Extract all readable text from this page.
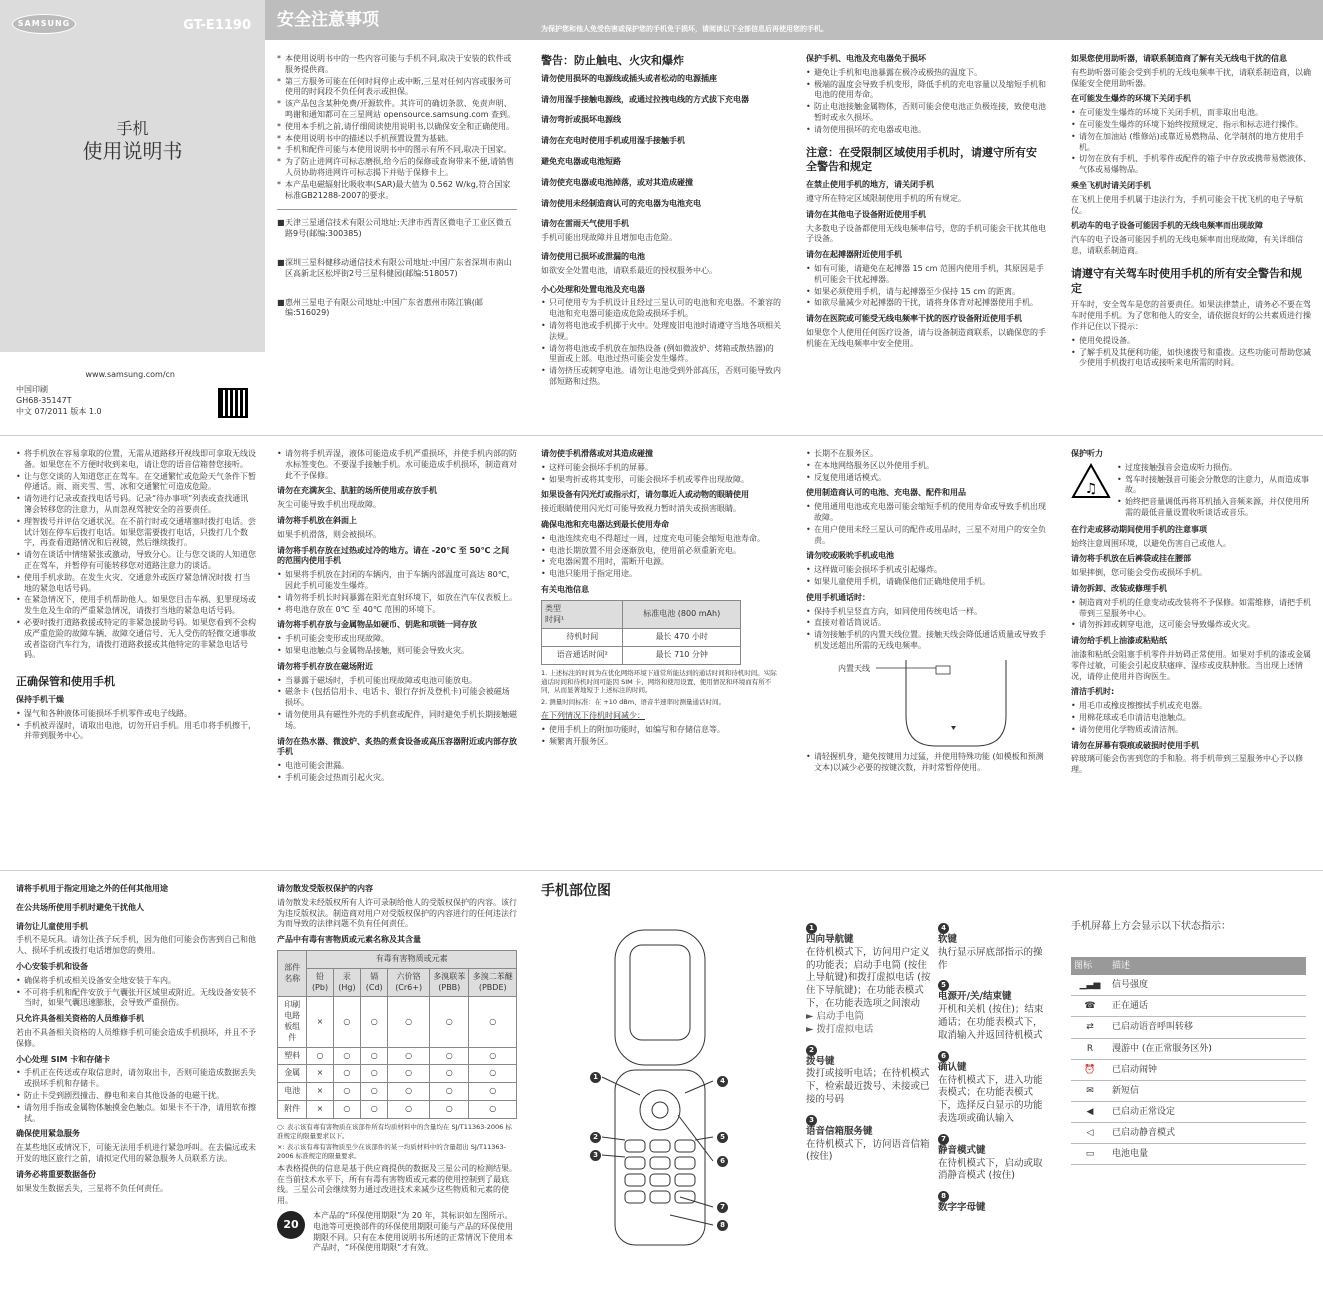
SAMSUNG	GT-E1190
手机
使用说明书
www.samsung.com/cn
中国印刷
GH68-35147T
中文 07/2011 版本 1.0
安全注意事项	为保护您和他人免受伤害或保护您的手机免于损坏，请阅读以下全部信息后再使用您的手机。
* 本使用说明书中的一些内容可能与手机不同,取决于安装的软件或服务提供商。
* 第三方服务可能在任何时间停止或中断,三星对任何内容或服务可使用的时间段不负任何表示或担保。
* 该产品包含某种免费/开源软件。其许可的确切条款、免责声明、鸣谢和通知都可在三星网站 opensource.samsung.com 查到。
* 使用本手机之前,请仔细阅读使用说明书,以确保安全和正确使用。
* 本使用说明书中的描述以手机预置设置为基础。
* 手机和配件可能与本使用说明书中的图示有所不同,取决于国家。
* 为了防止进网许可标志磨损,给今后的保修或查询带来不便,请销售人员协助将进网许可标志揭下并贴于保修卡上。
* 本产品电磁辐射比吸收率(SAR)最大值为 0.562 W/kg,符合国家标准GB21288-2007的要求。
■ 天津三星通信技术有限公司地址:天津市西青区微电子工业区微五路9号(邮编:300385)
■ 深圳三星科健移动通信技术有限公司地址:中国广东省深圳市南山区高新北区松坪街2号三星科健园(邮编:518057)
■ 惠州三星电子有限公司地址:中国广东省惠州市陈江镇(邮编:516029)
警告：防止触电、火灾和爆炸

请勿使用损坏的电源线或插头或者松动的电源插座

请勿用湿手接触电源线，或通过拉拽电线的方式拔下充电器

请勿弯折或损坏电源线

请勿在充电时使用手机或用湿手接触手机

避免充电器或电池短路

请勿使充电器或电池掉落，或对其造成碰撞

请勿使用未经制造商认可的充电器为电池充电

请勿在雷雨天气使用手机

手机可能出现故障并且增加电击危险。

请勿使用已损坏或泄漏的电池

如欲安全处置电池，请联系最近的授权服务中心。

小心处理和处置电池及充电器

• 只可使用专为手机设计且经过三星认可的电池和充电器。不兼容的电池和充电器可能造成危险或损坏手机。
• 请勿将电池或手机掷于火中。处理废旧电池时请遵守当地各项相关法规。
• 请勿将电池或手机放在加热设备 (例如微波炉、烤箱或散热器)的里面或上部。电池过热可能会发生爆炸。
• 请勿挤压或刺穿电池。请勿让电池受到外部高压，否则可能导致内部短路和过热。

保护手机、电池及充电器免于损坏

• 避免让手机和电池暴露在极冷或极热的温度下。
• 极端的温度会导致手机变形，降低手机的充电容量以及缩短手机和电池的使用寿命。
• 防止电池接触金属物体，否则可能会使电池正负极连接，致使电池暂时或永久损坏。
• 请勿使用损坏的充电器或电池。
注意：在受限制区域使用手机时，请遵守所有安全警告和规定

在禁止使用手机的地方，请关闭手机

遵守所在特定区域限制使用手机的所有规定。

请勿在其他电子设备附近使用手机

大多数电子设备都使用无线电频率信号，您的手机可能会干扰其他电子设备。

请勿在起搏器附近使用手机

• 如有可能，请避免在起搏器 15 cm 范围内使用手机，其原因是手机可能会干扰起搏器。
• 如果必须使用手机，请与起搏器至少保持 15 cm 的距离。
• 如欲尽量减少对起搏器的干扰，请将身体背对起搏器使用手机。

请勿在医院或可能受无线电频率干扰的医疗设备附近使用手机

如果您个人使用任何医疗设备，请与设备制造商联系，以确保您的手机能在无线电频率中安全使用。

如果您使用助听器，请联系制造商了解有关无线电干扰的信息

有些助听器可能会受到手机的无线电频率干扰，请联系制造商，以确保能安全使用助听器。

在可能发生爆炸的环境下关闭手机

• 在可能发生爆炸的环境下关闭手机，而非取出电池。
• 在可能发生爆炸的环境下始终按照规定、指示和标志进行操作。
• 请勿在加油站 (维修站)或靠近易燃物品、化学制剂的地方使用手机。
• 切勿在放有手机、手机零件或配件的箱子中存放或携带易燃液体、气体或易爆物品。

乘坐飞机时请关闭手机

在飞机上使用手机属于违法行为，手机可能会干扰飞机的电子导航仪。

机动车的电子设备可能因手机的无线电频率而出现故障

汽车的电子设备可能因手机的无线电频率而出现故障，有关详细信息，请联系制造商。

请遵守有关驾车时使用手机的所有安全警告和规定

开车时，安全驾车是您的首要责任。如果法律禁止，请务必不要在驾车时使用手机。为了您和他人的安全，请依据良好的公共素质进行操作并记住以下提示：

• 使用免提设备。
• 了解手机及其便利功能，如快速拨号和重拨。这些功能可帮助您减少使用手机拨打电话或接听来电所需的时间。
• 将手机放在容易拿取的位置，无需从道路移开视线即可拿取无线设备。如果您在不方便时收到来电，请让您的语音信箱替您接听。
• 让与您交谈的人知道您正在驾车。在交通繁忙或危险天气条件下暂停通话。雨、雨夹雪、雪、冰和交通繁忙可造成危险。
• 请勿进行记录或查找电话号码。记录“待办事项”列表或查找通讯簿会转移您的注意力，从而忽视驾驶安全的首要责任。
• 理智拨号并评估交通状况。在不前行时或交通堵塞时拨打电话。尝试计划在停车后拨打电话。如果您需要拨打电话，只拨打几个数字，再查看道路情况和后视镜，然后继续拨打。
• 请勿在谈话中情绪紧张或激动，导致分心。让与您交谈的人知道您正在驾车，并暂停有可能转移您对道路注意力的谈话。
• 使用手机求助。在发生火灾、交通意外或医疗紧急情况时拨 打当地的紧急电话号码。
• 在紧急情况下，使用手机帮助他人。如果您目击车祸、犯罪现场或发生危及生命的严重紧急情况，请拨打当地的紧急电话号码。
• 必要时拨打道路救援或特定的非紧急援助号码。如果您看到不会构成严重危险的故障车辆、故障交通信号、无人受伤的轻微交通事故或者盗窃汽车行为，请拨打道路救援或其他特定的非紧急电话号码。
正确保管和使用手机

保持手机干燥

• 湿气和各种液体可能损坏手机零件或电子线路。
• 手机被弄湿时，请取出电池，切勿开启手机。用毛巾将手机擦干，并带到服务中心。
• 请勿将手机弄湿，液体可能造成手机严重损坏，并使手机内部的防水标签变色。不要湿手接触手机。水可能造成手机损坏，制造商对此不予保修。

请勿在充满灰尘、肮脏的场所使用或存放手机

灰尘可能导致手机出现故障。

请勿将手机放在斜面上

如果手机滑落，则会被损坏。

请勿将手机存放在过热或过冷的地方。请在 -20℃ 至 50℃ 之间的范围内使用手机

• 如果将手机放在封闭的车辆内，由于车辆内部温度可高达 80℃，因此手机可能发生爆炸。
• 请勿将手机长时间暴露在阳光直射环境下，如放在汽车仪表板上。
• 将电池存放在 0℃ 至 40℃ 范围的环境下。

请勿将手机存放与金属物品如硬币、钥匙和项链一同存放

• 手机可能会变形或出现故障。
• 如果电池触点与金属物品接触，则可能会导致火灾。

请勿将手机存放在磁场附近

• 当暴露于磁场时，手机可能出现故障或电池可能放电。
• 磁条卡 (包括信用卡、电话卡、银行存折及登机卡)可能会被磁场损坏。
• 请勿使用具有磁性外壳的手机套或配件，同时避免手机长期接触磁场。

请勿在热水器、微波炉、炙热的煮食设备或高压容器附近或内部存放手机

• 电池可能会泄漏。
• 手机可能会过热而引起火灾。

请勿使手机滑落或对其造成碰撞

• 这样可能会损坏手机的屏幕。
• 如果弯折或将其变形，可能会损坏手机或零件出现故障。

如果设备有闪光灯或指示灯，请勿靠近人或动物的眼睛使用

接近眼睛使用闪光灯可能导致视力暂时消失或损害眼睛。

确保电池和充电器达到最长使用寿命

• 电池连续充电不得超过一周，过度充电可能会缩短电池寿命。
• 电池长期放置不用会逐渐放电，使用前必须重新充电。
• 充电器闲置不用时，需断开电源。
• 电池只能用于指定用途。

有关电池信息

类型
时间¹	标准电池 (800 mAh)
待机时间	最长 470 小时
语音通话时间²	最长 710 分钟

1. 上述标注的时间为在优化网络环境下通常所能达到的通话时间和待机时间。实际通话时间和待机时间可能因 SIM 卡、网络和使用设置、使用情况和环境而有所不同，从而显著地短于上述标注的时间。

2. 测量时间标准：在 +10 dBm、语音半速率时测量通话时间。

在下列情况下待机时间减少：

• 使用手机上的附加功能时，如编写和存储信息等。
• 频繁离开服务区。
• 长期不在服务区。
• 在本地网络服务区以外使用手机。
• 反复使用通话模式。

使用制造商认可的电池、充电器、配件和用品

• 使用通用电池或充电器可能会缩短手机的使用寿命或导致手机出现故障。
• 在用户使用未经三星认可的配件或用品时，三星不对用户的安全负责。

请勿咬或吸吮手机或电池

• 这样做可能会损坏手机或引起爆炸。
• 如果儿童使用手机，请确保他们正确地使用手机。

使用手机通话时：

• 保持手机呈竖直方向，如同使用传统电话一样。
• 直接对着话筒说话。
• 请勿接触手机的内置天线位置。接触天线会降低通话质量或导致手机发送超出所需的无线电频率。
内置天线
• 请轻握机身，避免按键用力过猛，并使用特殊功能 (如模板和预测文本)以减少必要的按键次数，并时常暂停使用。

保护听力

♫
• 过度接触强音会造成听力损伤。
• 驾车时接触强音可能会分散您的注意力，从而造成事故。
• 始终把音量调低再将耳机插入音频来源，并仅使用所需的最低音量设置收听谈话或音乐。

在行走或移动期间使用手机的注意事项

始终注意周围环境，以避免伤害自己或他人。

请勿将手机放在后裤袋或挂在腰部

如果摔倒，您可能会受伤或损坏手机。

请勿拆卸、改装或修理手机

• 制造商对手机的任意变动或改装将不予保修。如需维修，请把手机带到三星服务中心。
• 请勿拆卸或刺穿电池，这可能会导致爆炸或火灾。

请勿给手机上油漆或粘贴纸

油漆和粘纸会阻塞手机零件并妨碍正常使用。如果对手机的漆或金属零件过敏，可能会引起皮肤瘙痒、湿疹或皮肤肿胀。当出现上述情况，请停止使用并咨询医生。

清洁手机时:

• 用毛巾或橡皮擦擦拭手机或充电器。
• 用棉花球或毛巾清洁电池触点。
• 请勿使用化学物质或清洁剂。

请勿在屏幕有裂痕或破损时使用手机

碎玻璃可能会伤害到您的手和脸。将手机带到三星服务中心予以修理。

请将手机用于指定用途之外的任何其他用途

在公共场所使用手机时避免干扰他人

请勿让儿童使用手机

手机不是玩具。请勿让孩子玩手机，因为他们可能会伤害到自己和他人、损坏手机或拨打电话增加您的费用。

小心安装手机和设备

• 确保将手机或相关设备安全地安装于车内。
• 不可将手机和配件安放于气囊张开区域里或附近。无线设备安装不当时，如果气囊迅速膨胀，会导致严重损伤。

只允许具备相关资格的人员维修手机

若由不具备相关资格的人员维修手机可能会造成手机损坏，并且不予保修。

小心处理 SIM 卡和存储卡

• 手机正在传送或存取信息时，请勿取出卡，否则可能造成数据丢失或损坏手机和存储卡。
• 防止卡受到剧烈撞击、静电和来自其他设备的电磁干扰。
• 请勿用手指或金属物体触摸金色触点。如果卡不干净，请用软布擦拭。

确保使用紧急服务

在某些地区或情况下，可能无法用手机进行紧急呼叫。在去偏远或未开发的地区旅行之前，请拟定代用的紧急服务人员联系方法。

请务必将重要数据备份

如果发生数据丢失，三星将不负任何责任。

请勿散发受版权保护的内容

请勿散发未经版权所有人许可录制给他人的受版权保护的内容。该行为违反版权法。制造商对用户对受版权保护的内容进行的任何违法行为而导致的法律问题不负有任何责任。

产品中有毒有害物质或元素名称及其含量

部件名称	有毒有害物质或元素					
	铅 (Pb)	汞 (Hg)	镉 (Cd)	六价铬 (Cr6+)	多溴联苯 (PBB)	多溴二苯醚 (PBDE)
印刷电路板组件	×	○	○	○	○	○
塑料	○	○	○	○	○	○
金属	×	○	○	○	○	○
电池	×	○	○	○	○	○
附件	×	○	○	○	○	○

○: 表示该有毒有害物质在该部件所有均质材料中的含量均在 SJ/T11363-2006 标准规定的限量要求以下。

×: 表示该有毒有害物质至少在该部件的某一均质材料中的含量超出 SJ/T11363-2006 标准规定的限量要求。

本表格提供的信息是基于供应商提供的数据及三星公司的检测结果。在当前技术水平下，所有有毒有害物质或元素的使用控制到了最底线。三星公司会继续努力通过改进技术来减少这些物质和元素的使用。

20

本产品的“环保使用期限”为 20 年，其标识如左图所示。电池等可更换部件的环保使用期限可能与产品的环保使用期限不同。只有在本使用说明书所述的正常情况下使用本产品时，“环保使用期限”才有效。

手机部位图
1
2
3
4
5
6
7
8
1
四向导航键
在待机模式下，访问用户定义的功能表；启动手电筒 (按住上导航键)和拨打虚拟电话 (按住下导航键)；在功能表模式下，在功能表选项之间滚动
► 启动手电筒
► 拨打虚拟电话
2
拨号键
拨打或接听电话；在待机模式下，检索最近拨号、未接或已接的号码
3
语音信箱服务键
在待机模式下，访问语音信箱 (按住)
4
软键
执行显示屏底部指示的操作
5
电源开/关/结束键
开机和关机 (按住)；结束通话；在功能表模式下，取消输入并返回待机模式
6
确认键
在待机模式下，进入功能表模式；在功能表模式下，选择反白显示的功能表选项或确认输入
7
静音模式键
在待机模式下，启动或取消静音模式 (按住)
8
数字字母键
手机屏幕上方会显示以下状态指示：
图标	描述
▁▃▅	信号强度
☎	正在通话
⇄	已启动语音呼叫转移
R	漫游中 (在正常服务区外)
⏰	已启动闹钟
✉	新短信
◀	已启动正常设定
◁	已启动静音模式
▭	电池电量
